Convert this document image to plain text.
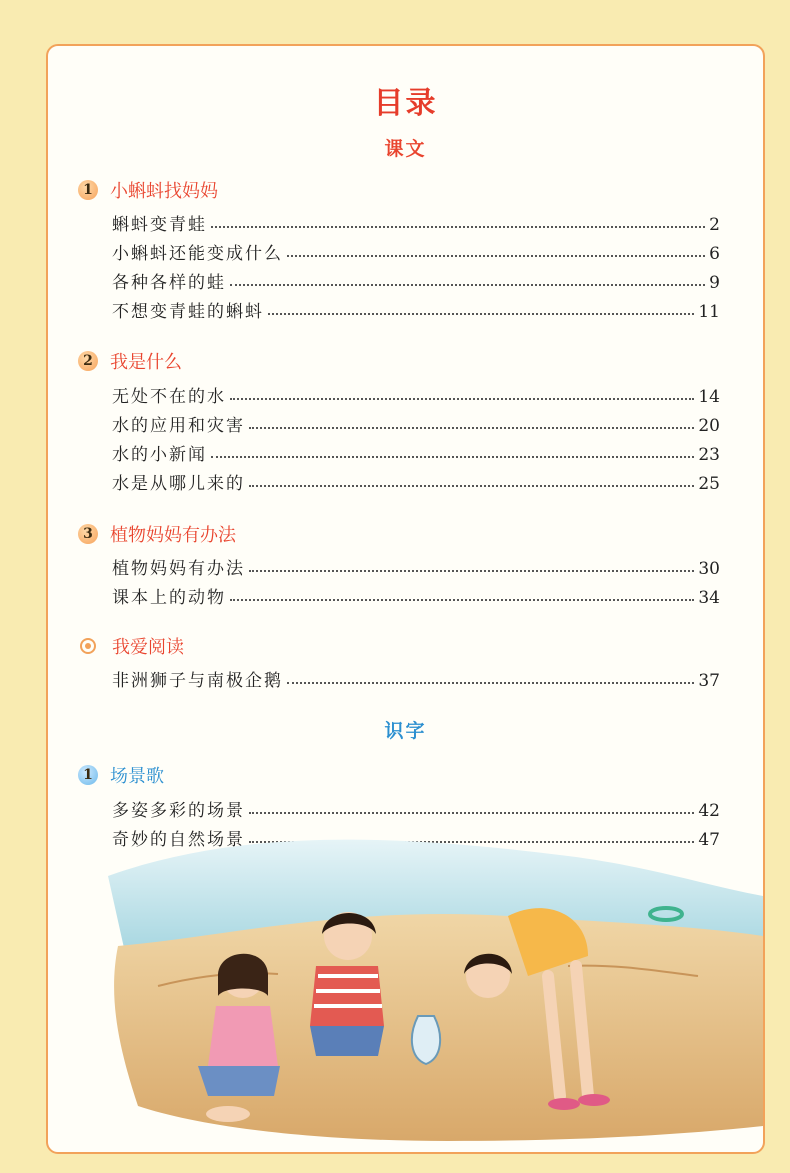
目录
课文
1 小蝌蚪找妈妈
蝌蚪变青蛙	2
小蝌蚪还能变成什么	6
各种各样的蛙	9
不想变青蛙的蝌蚪	11
2 我是什么
无处不在的水	14
水的应用和灾害	20
水的小新闻	23
水是从哪儿来的	25
3 植物妈妈有办法
植物妈妈有办法	30
课本上的动物	34
我爱阅读
非洲狮子与南极企鹅	37
识字
1 场景歌
多姿多彩的场景	42
奇妙的自然场景	47
